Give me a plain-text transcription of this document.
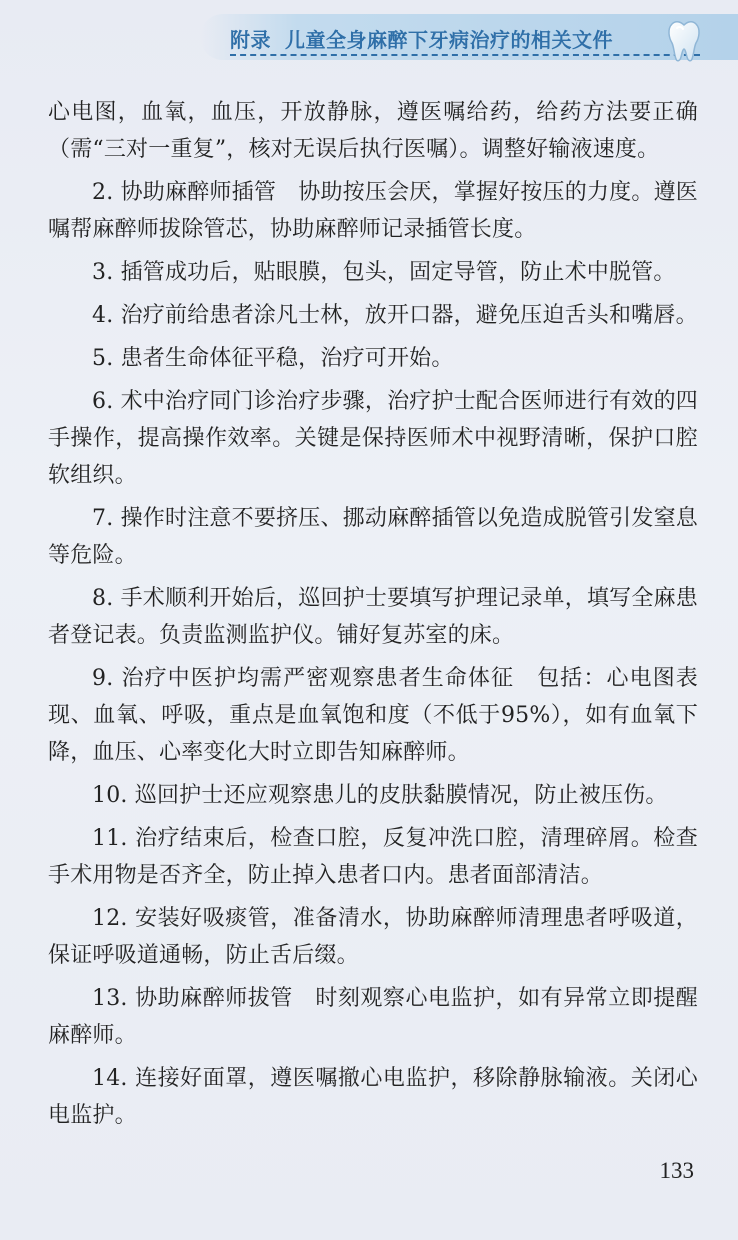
附录 儿童全身麻醉下牙病治疗的相关文件

心电图，血氧，血压，开放静脉，遵医嘱给药，给药方法要正确（需“三对一重复”，核对无误后执行医嘱）。调整好输液速度。

2. 协助麻醉师插管　协助按压会厌，掌握好按压的力度。遵医嘱帮麻醉师拔除管芯，协助麻醉师记录插管长度。

3. 插管成功后，贴眼膜，包头，固定导管，防止术中脱管。

4. 治疗前给患者涂凡士林，放开口器，避免压迫舌头和嘴唇。

5. 患者生命体征平稳，治疗可开始。

6. 术中治疗同门诊治疗步骤，治疗护士配合医师进行有效的四手操作，提高操作效率。关键是保持医师术中视野清晰，保护口腔软组织。

7. 操作时注意不要挤压、挪动麻醉插管以免造成脱管引发窒息等危险。

8. 手术顺利开始后，巡回护士要填写护理记录单，填写全麻患者登记表。负责监测监护仪。铺好复苏室的床。

9. 治疗中医护均需严密观察患者生命体征　包括：心电图表现、血氧、呼吸，重点是血氧饱和度（不低于95%），如有血氧下降，血压、心率变化大时立即告知麻醉师。

10. 巡回护士还应观察患儿的皮肤黏膜情况，防止被压伤。

11. 治疗结束后，检查口腔，反复冲洗口腔，清理碎屑。检查手术用物是否齐全，防止掉入患者口内。患者面部清洁。

12. 安装好吸痰管，准备清水，协助麻醉师清理患者呼吸道，保证呼吸道通畅，防止舌后缀。

13. 协助麻醉师拔管　时刻观察心电监护，如有异常立即提醒麻醉师。

14. 连接好面罩，遵医嘱撤心电监护，移除静脉输液。关闭心电监护。

133
